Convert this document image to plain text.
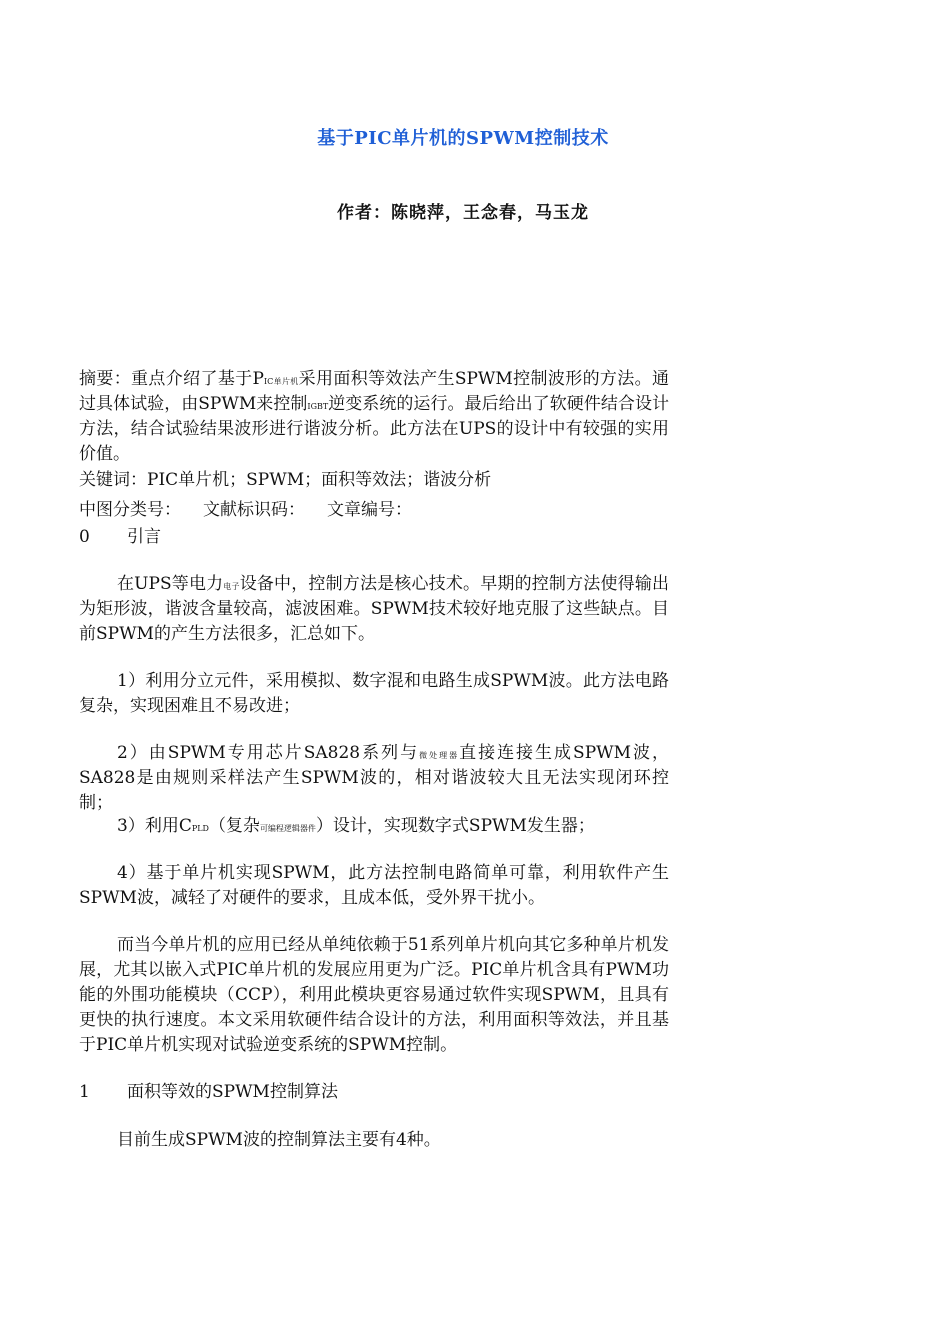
基于PIC单片机的SPWM控制技术
作者：陈晓萍，王念春，马玉龙
摘要：重点介绍了基于PIC单片机采用面积等效法产生SPWM控制波形的方法。通过具体试验，由SPWM来控制IGBT逆变系统的运行。最后给出了软硬件结合设计方法，结合试验结果波形进行谐波分析。此方法在UPS的设计中有较强的实用价值。
关键词：PIC单片机；SPWM；面积等效法；谐波分析
中图分类号： 文献标识码： 文章编号：
0 引言
在UPS等电力电子设备中，控制方法是核心技术。早期的控制方法使得输出为矩形波，谐波含量较高，滤波困难。SPWM技术较好地克服了这些缺点。目前SPWM的产生方法很多，汇总如下。
1）利用分立元件，采用模拟、数字混和电路生成SPWM波。此方法电路复杂，实现困难且不易改进；
2）由SPWM专用芯片SA828系列与微处理器直接连接生成SPWM波，SA828是由规则采样法产生SPWM波的，相对谐波较大且无法实现闭环控制；
3）利用CPLD（复杂可编程逻辑器件）设计，实现数字式SPWM发生器；
4）基于单片机实现SPWM，此方法控制电路简单可靠，利用软件产生SPWM波，减轻了对硬件的要求，且成本低，受外界干扰小。
而当今单片机的应用已经从单纯依赖于51系列单片机向其它多种单片机发展，尤其以嵌入式PIC单片机的发展应用更为广泛。PIC单片机含具有PWM功能的外围功能模块（CCP），利用此模块更容易通过软件实现SPWM，且具有更快的执行速度。本文采用软硬件结合设计的方法，利用面积等效法，并且基于PIC单片机实现对试验逆变系统的SPWM控制。
1 面积等效的SPWM控制算法
目前生成SPWM波的控制算法主要有4种。
